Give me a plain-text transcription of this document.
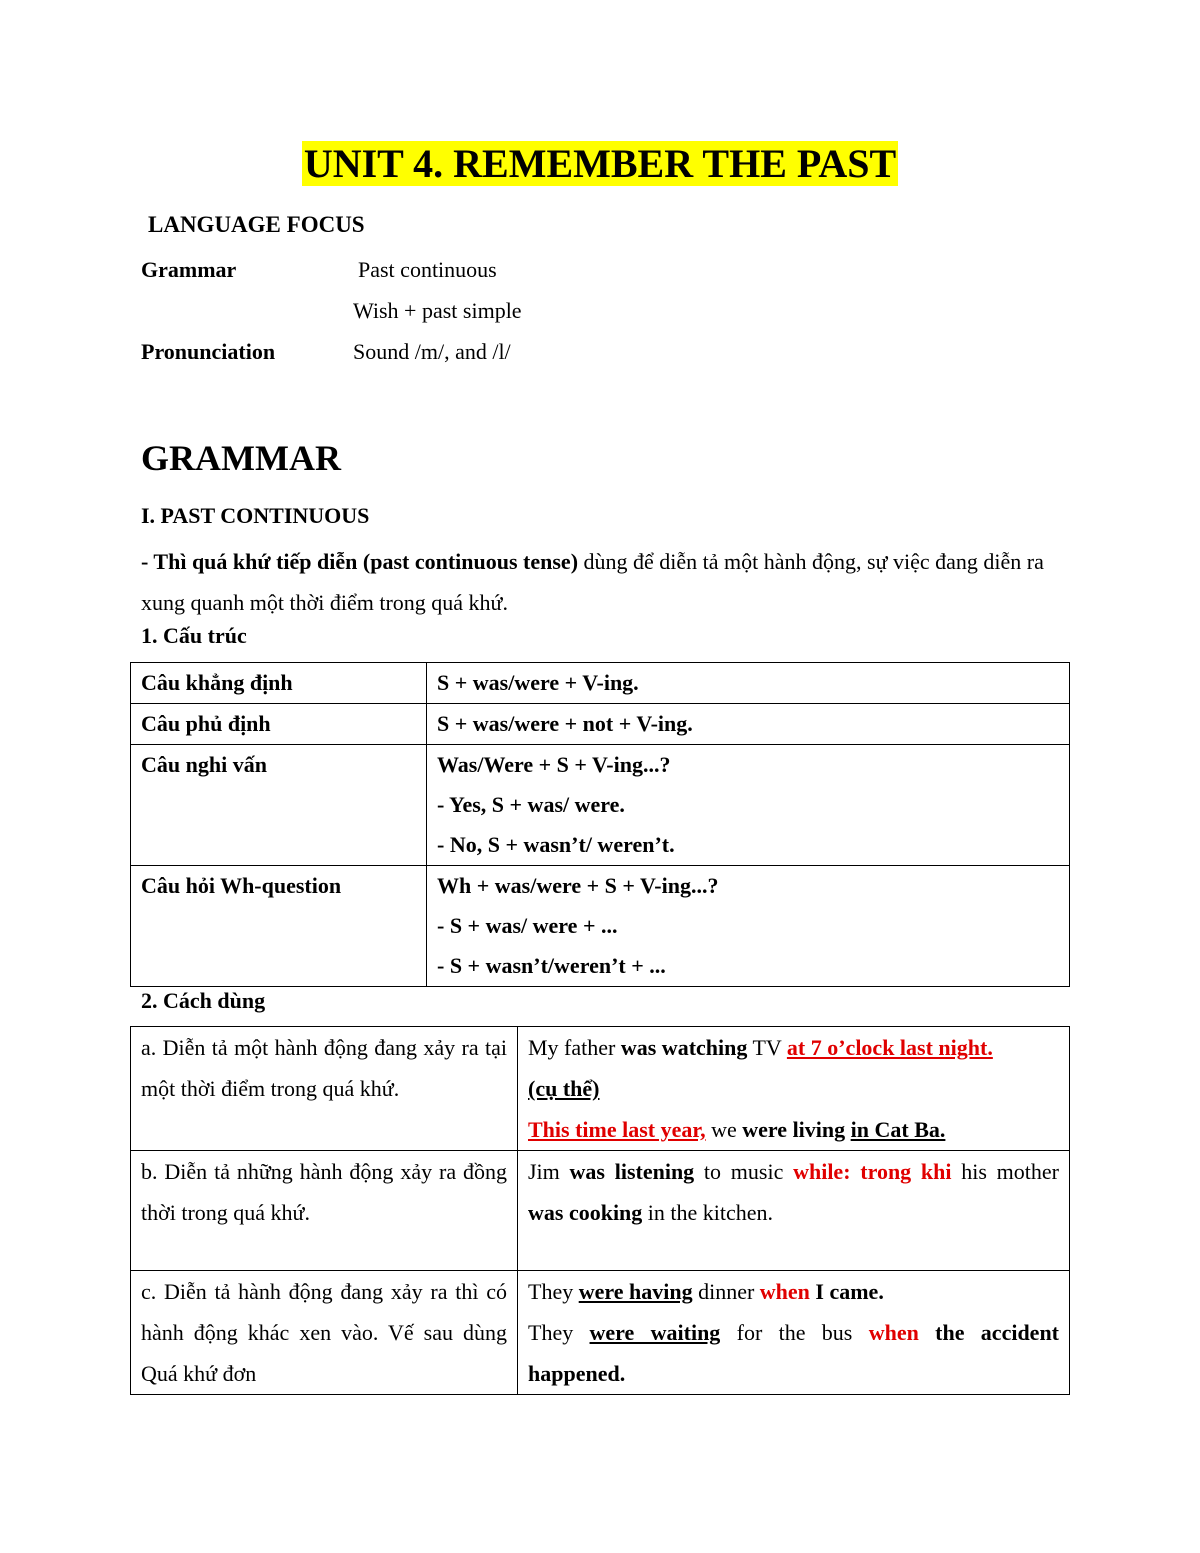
UNIT 4. REMEMBER THE PAST
LANGUAGE FOCUS
Grammar	Past continuous
Wish + past simple
Pronunciation	Sound /m/, and /l/
GRAMMAR
I. PAST CONTINUOUS
- Thì quá khứ tiếp diễn (past continuous tense) dùng để diễn tả một hành động, sự việc đang diễn ra xung quanh một thời điểm trong quá khứ.
1. Cấu trúc
Câu khẳng định	S + was/were + V-ing.
Câu phủ định	S + was/were + not + V-ing.
Câu nghi vấn	Was/Were + S + V-ing...?
- Yes, S + was/ were.
- No, S + wasn’t/ weren’t.

Câu hỏi Wh-question	Wh + was/were + S + V-ing...?
- S + was/ were + ...
- S + wasn’t/weren’t + ...
2. Cách dùng
a. Diễn tả một hành động đang xảy ra tại một thời điểm trong quá khứ.	My father was watching TV at 7 o’clock last night.
(cụ thể)
This time last year, we were living in Cat Ba.

b. Diễn tả những hành động xảy ra đồng thời trong quá khứ.	Jim was listening to music while: trong khi his mother was cooking in the kitchen.
c. Diễn tả hành động đang xảy ra thì có hành động khác xen vào. Vế sau dùng Quá khứ đơn	They were having dinner when I came.
They were waiting for the bus when the accident happened.
